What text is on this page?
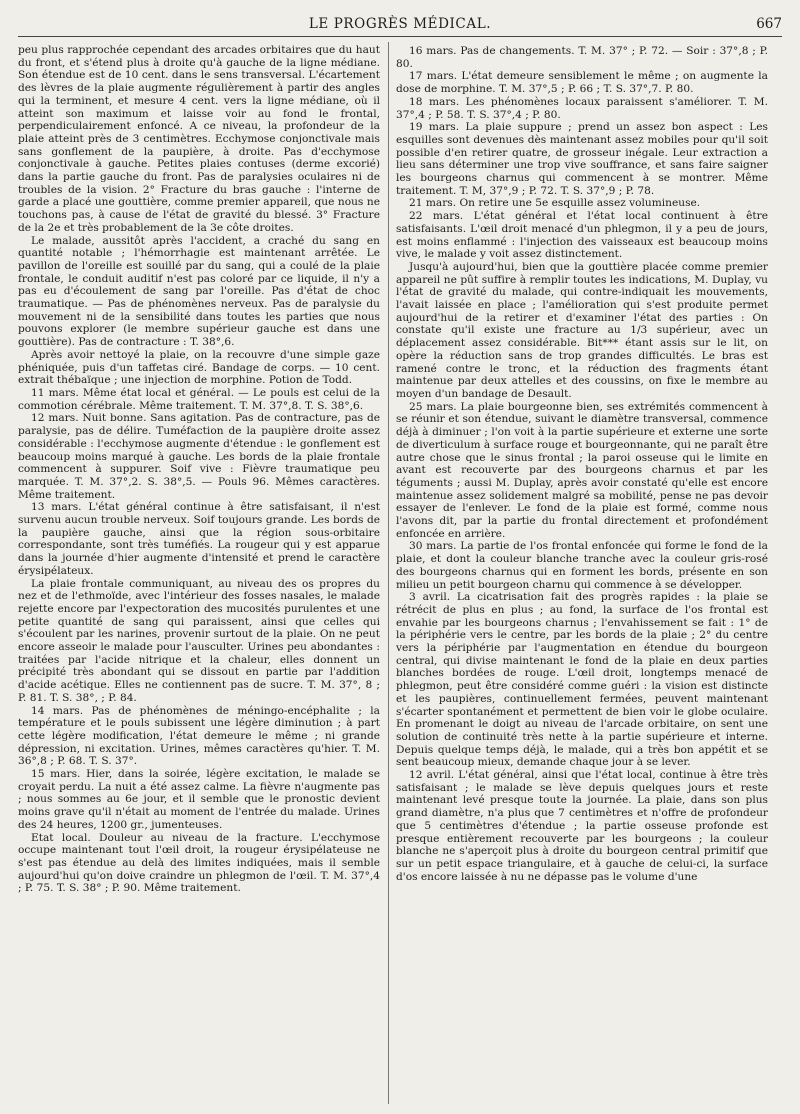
LE PROGRÈS MÉDICAL.	667

peu plus rapprochée cependant des arcades orbitaires que du haut du front, et s'étend plus à droite qu'à gauche de la ligne médiane. Son étendue est de 10 cent. dans le sens transversal. L'écartement des lèvres de la plaie augmente régulièrement à partir des angles qui la terminent, et mesure 4 cent. vers la ligne médiane, où il atteint son maximum et laisse voir au fond le frontal, perpendiculairement enfoncé. A ce niveau, la profondeur de la plaie atteint près de 3 centimètres. Ecchymose conjonctivale mais sans gonflement de la paupière, à droite. Pas d'ecchymose conjonctivale à gauche. Petites plaies contuses (derme excorié) dans la partie gauche du front. Pas de paralysies oculaires ni de troubles de la vision. 2° Fracture du bras gauche : l'interne de garde a placé une gouttière, comme premier appareil, que nous ne touchons pas, à cause de l'état de gravité du blessé. 3° Fracture de la 2e et très probablement de la 3e côte droites.

Le malade, aussitôt après l'accident, a craché du sang en quantité notable ; l'hémorrhagie est maintenant arrêtée. Le pavillon de l'oreille est souillé par du sang, qui a coulé de la plaie frontale, le conduit auditif n'est pas coloré par ce liquide, il n'y a pas eu d'écoulement de sang par l'oreille. Pas d'état de choc traumatique. — Pas de phénomènes nerveux. Pas de paralysie du mouvement ni de la sensibilité dans toutes les parties que nous pouvons explorer (le membre supérieur gauche est dans une gouttière). Pas de contracture : T. 38°,6.

Après avoir nettoyé la plaie, on la recouvre d'une simple gaze phéniquée, puis d'un taffetas ciré. Bandage de corps. — 10 cent. extrait thébaïque ; une injection de morphine. Potion de Todd.

11 mars. Même état local et général. — Le pouls est celui de la commotion cérébrale. Même traitement. T. M. 37°,8. T. S. 38°,6.

12 mars. Nuit bonne. Sans agitation. Pas de contracture, pas de paralysie, pas de délire. Tuméfaction de la paupière droite assez considérable : l'ecchymose augmente d'étendue : le gonflement est beaucoup moins marqué à gauche. Les bords de la plaie frontale commencent à suppurer. Soif vive : Fièvre traumatique peu marquée. T. M. 37°,2. S. 38°,5. — Pouls 96. Mêmes caractères. Même traitement.

13 mars. L'état général continue à être satisfaisant, il n'est survenu aucun trouble nerveux. Soif toujours grande. Les bords de la paupière gauche, ainsi que la région sous-orbitaire correspondante, sont très tuméfiés. La rougeur qui y est apparue dans la journée d'hier augmente d'intensité et prend le caractère érysipélateux.

La plaie frontale communiquant, au niveau des os propres du nez et de l'ethmoïde, avec l'intérieur des fosses nasales, le malade rejette encore par l'expectoration des mucosités purulentes et une petite quantité de sang qui paraissent, ainsi que celles qui s'écoulent par les narines, provenir surtout de la plaie. On ne peut encore asseoir le malade pour l'ausculter. Urines peu abondantes : traitées par l'acide nitrique et la chaleur, elles donnent un précipité très abondant qui se dissout en partie par l'addition d'acide acétique. Elles ne contiennent pas de sucre. T. M. 37°, 8 ; P. 81. T. S. 38°, ; P. 84.

14 mars. Pas de phénomènes de méningo-encéphalite ; la température et le pouls subissent une légère diminution ; à part cette légère modification, l'état demeure le même ; ni grande dépression, ni excitation. Urines, mêmes caractères qu'hier. T. M. 36°,8 ; P. 68. T. S. 37°.

15 mars. Hier, dans la soirée, légère excitation, le malade se croyait perdu. La nuit a été assez calme. La fièvre n'augmente pas ; nous sommes au 6e jour, et il semble que le pronostic devient moins grave qu'il n'était au moment de l'entrée du malade. Urines des 24 heures, 1200 gr., jumenteuses.

Etat local. Douleur au niveau de la fracture. L'ecchymose occupe maintenant tout l'œil droit, la rougeur érysipélateuse ne s'est pas étendue au delà des limites indiquées, mais il semble aujourd'hui qu'on doive craindre un phlegmon de l'œil. T. M. 37°,4 ; P. 75. T. S. 38° ; P. 90. Même traitement.

16 mars. Pas de changements. T. M. 37° ; P. 72. — Soir : 37°,8 ; P. 80.

17 mars. L'état demeure sensiblement le même ; on augmente la dose de morphine. T. M. 37°,5 ; P. 66 ; T. S. 37°,7. P. 80.

18 mars. Les phénomènes locaux paraissent s'améliorer. T. M. 37°,4 ; P. 58. T. S. 37°,4 ; P. 80.

19 mars. La plaie suppure ; prend un assez bon aspect : Les esquilles sont devenues dès maintenant assez mobiles pour qu'il soit possible d'en retirer quatre, de grosseur inégale. Leur extraction a lieu sans déterminer une trop vive souffrance, et sans faire saigner les bourgeons charnus qui commencent à se montrer. Même traitement. T. M, 37°,9 ; P. 72. T. S. 37°,9 ; P. 78.

21 mars. On retire une 5e esquille assez volumineuse.

22 mars. L'état général et l'état local continuent à être satisfaisants. L'œil droit menacé d'un phlegmon, il y a peu de jours, est moins enflammé : l'injection des vaisseaux est beaucoup moins vive, le malade y voit assez distinctement.

Jusqu'à aujourd'hui, bien que la gouttière placée comme premier appareil ne pût suffire à remplir toutes les indications, M. Duplay, vu l'état de gravité du malade, qui contre-indiquait les mouvements, l'avait laissée en place ; l'amélioration qui s'est produite permet aujourd'hui de la retirer et d'examiner l'état des parties : On constate qu'il existe une fracture au 1/3 supérieur, avec un déplacement assez considérable. Bit*** étant assis sur le lit, on opère la réduction sans de trop grandes difficultés. Le bras est ramené contre le tronc, et la réduction des fragments étant maintenue par deux attelles et des coussins, on fixe le membre au moyen d'un bandage de Desault.

25 mars. La plaie bourgeonne bien, ses extrémités commencent à se réunir et son étendue, suivant le diamètre transversal, commence déjà à diminuer ; l'on voit à la partie supérieure et externe une sorte de diverticulum à surface rouge et bourgeonnante, qui ne paraît être autre chose que le sinus frontal ; la paroi osseuse qui le limite en avant est recouverte par des bourgeons charnus et par les téguments ; aussi M. Duplay, après avoir constaté qu'elle est encore maintenue assez solidement malgré sa mobilité, pense ne pas devoir essayer de l'enlever. Le fond de la plaie est formé, comme nous l'avons dit, par la partie du frontal directement et profondément enfoncée en arrière.

30 mars. La partie de l'os frontal enfoncée qui forme le fond de la plaie, et dont la couleur blanche tranche avec la couleur gris-rosé des bourgeons charnus qui en forment les bords, présente en son milieu un petit bourgeon charnu qui commence à se développer.

3 avril. La cicatrisation fait des progrès rapides : la plaie se rétrécit de plus en plus ; au fond, la surface de l'os frontal est envahie par les bourgeons charnus ; l'envahissement se fait : 1° de la périphérie vers le centre, par les bords de la plaie ; 2° du centre vers la périphérie par l'augmentation en étendue du bourgeon central, qui divise maintenant le fond de la plaie en deux parties blanches bordées de rouge. L'œil droit, longtemps menacé de phlegmon, peut être considéré comme guéri : la vision est distincte et les paupières, continuellement fermées, peuvent maintenant s'écarter spontanément et permettent de bien voir le globe oculaire. En promenant le doigt au niveau de l'arcade orbitaire, on sent une solution de continuité très nette à la partie supérieure et interne. Depuis quelque temps déjà, le malade, qui a très bon appétit et se sent beaucoup mieux, demande chaque jour à se lever.

12 avril. L'état général, ainsi que l'état local, continue à être très satisfaisant ; le malade se lève depuis quelques jours et reste maintenant levé presque toute la journée. La plaie, dans son plus grand diamètre, n'a plus que 7 centimètres et n'offre de profondeur que 5 centimètres d'étendue ; la partie osseuse profonde est presque entièrement recouverte par les bourgeons ; la couleur blanche ne s'aperçoit plus à droite du bourgeon central primitif que sur un petit espace triangulaire, et à gauche de celui-ci, la surface d'os encore laissée à nu ne dépasse pas le volume d'une
